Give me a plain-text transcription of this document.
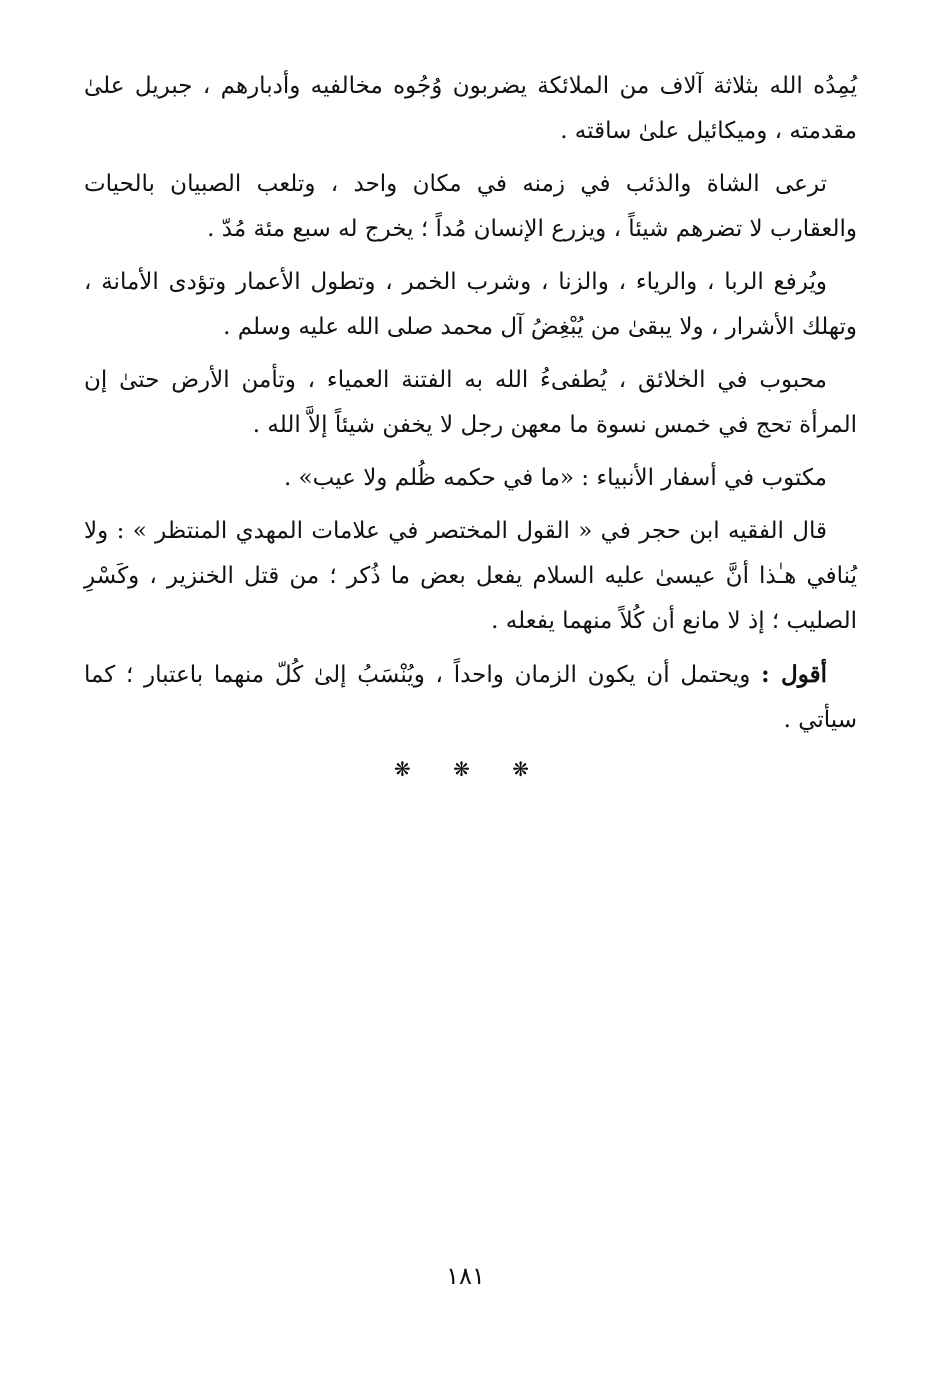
يُمِدُه الله بثلاثة آلاف من الملائكة يضربون وُجُوه مخالفيه وأدبارهم ، جبريل علىٰ مقدمته ، وميكائيل علىٰ ساقته .

ترعى الشاة والذئب في زمنه في مكان واحد ، وتلعب الصبيان بالحيات والعقارب لا تضرهم شيئاً ، ويزرع الإنسان مُداً ؛ يخرج له سبع مئة مُدّ .

ويُرفع الربا ، والرياء ، والزنا ، وشرب الخمر ، وتطول الأعمار وتؤدى الأمانة ، وتهلك الأشرار ، ولا يبقىٰ من يُبْغِضُ آل محمد صلى الله عليه وسلم .

محبوب في الخلائق ، يُطفىءُ الله به الفتنة العمياء ، وتأمن الأرض حتىٰ إن المرأة تحج في خمس نسوة ما معهن رجل لا يخفن شيئاً إلاَّ الله .

مكتوب في أسفار الأنبياء : «ما في حكمه ظُلم ولا عيب» .

قال الفقيه ابن حجر في « القول المختصر في علامات المهدي المنتظر » : ولا يُنافي هـٰذا أنَّ عيسىٰ عليه السلام يفعل بعض ما ذُكر ؛ من قتل الخنزير ، وكَسْرِ الصليب ؛ إذ لا مانع أن كُلاً منهما يفعله .

أقول : ويحتمل أن يكون الزمان واحداً ، ويُنْسَبُ إلىٰ كُلّ منهما باعتبار ؛ كما سيأتي .

❋ ❋ ❋
١٨١
